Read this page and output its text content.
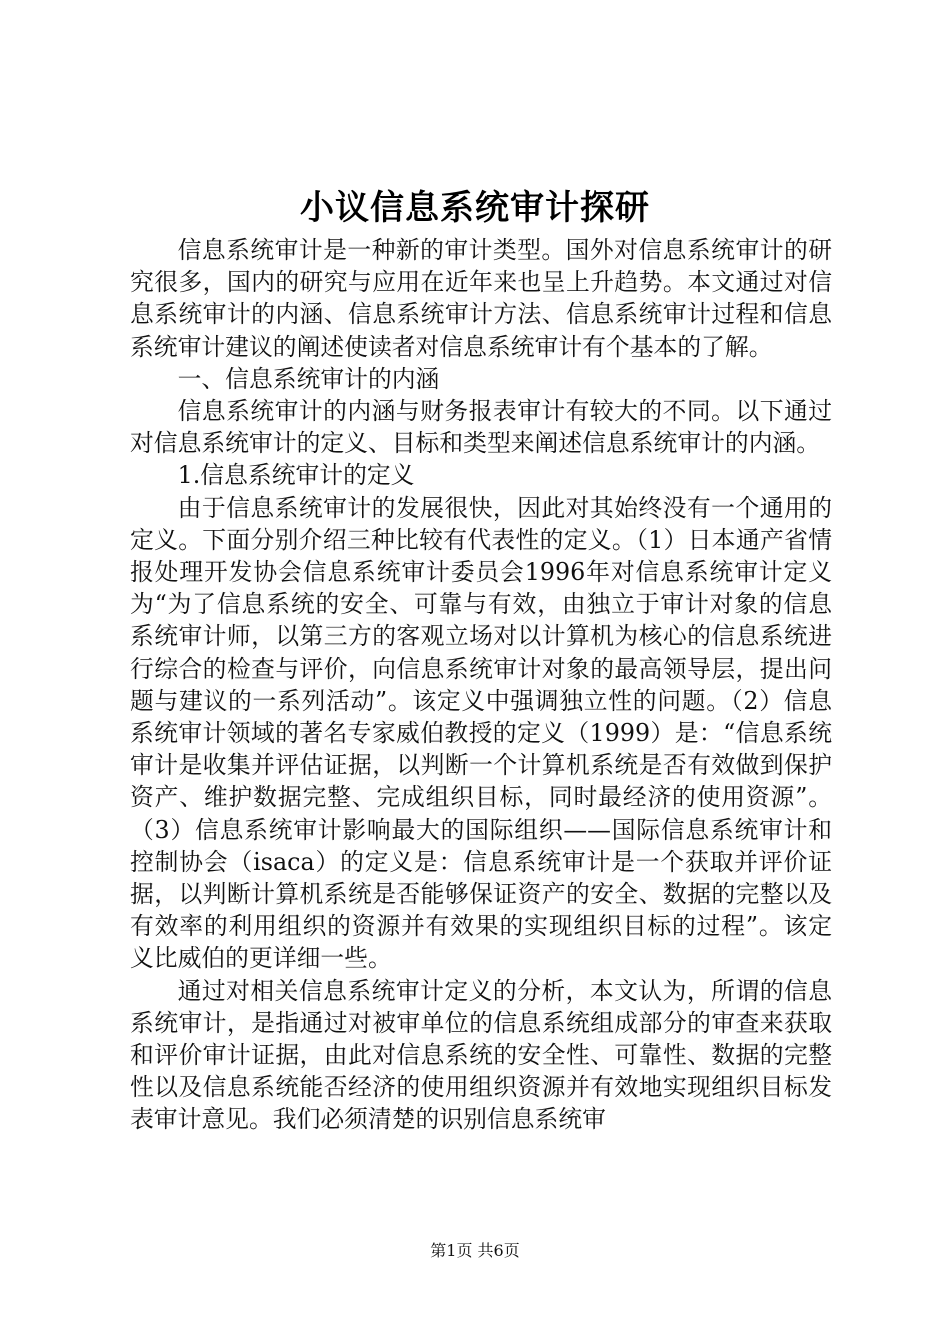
小议信息系统审计探研

信息系统审计是一种新的审计类型。国外对信息系统审计的研究很多，国内的研究与应用在近年来也呈上升趋势。本文通过对信息系统审计的内涵、信息系统审计方法、信息系统审计过程和信息系统审计建议的阐述使读者对信息系统审计有个基本的了解。

一、信息系统审计的内涵

信息系统审计的内涵与财务报表审计有较大的不同。以下通过对信息系统审计的定义、目标和类型来阐述信息系统审计的内涵。

1.信息系统审计的定义

由于信息系统审计的发展很快，因此对其始终没有一个通用的定义。下面分别介绍三种比较有代表性的定义。（1）日本通产省情报处理开发协会信息系统审计委员会1996年对信息系统审计定义为“为了信息系统的安全、可靠与有效，由独立于审计对象的信息系统审计师，以第三方的客观立场对以计算机为核心的信息系统进行综合的检查与评价，向信息系统审计对象的最高领导层，提出问题与建议的一系列活动”。该定义中强调独立性的问题。（2）信息系统审计领域的著名专家威伯教授的定义（1999）是：“信息系统审计是收集并评估证据，以判断一个计算机系统是否有效做到保护资产、维护数据完整、完成组织目标，同时最经济的使用资源”。（3）信息系统审计影响最大的国际组织——国际信息系统审计和控制协会（isaca）的定义是：信息系统审计是一个获取并评价证据，以判断计算机系统是否能够保证资产的安全、数据的完整以及有效率的利用组织的资源并有效果的实现组织目标的过程”。该定义比威伯的更详细一些。

通过对相关信息系统审计定义的分析，本文认为，所谓的信息系统审计，是指通过对被审单位的信息系统组成部分的审查来获取和评价审计证据，由此对信息系统的安全性、可靠性、数据的完整性以及信息系统能否经济的使用组织资源并有效地实现组织目标发表审计意见。我们必须清楚的识别信息系统审

第1页 共6页
